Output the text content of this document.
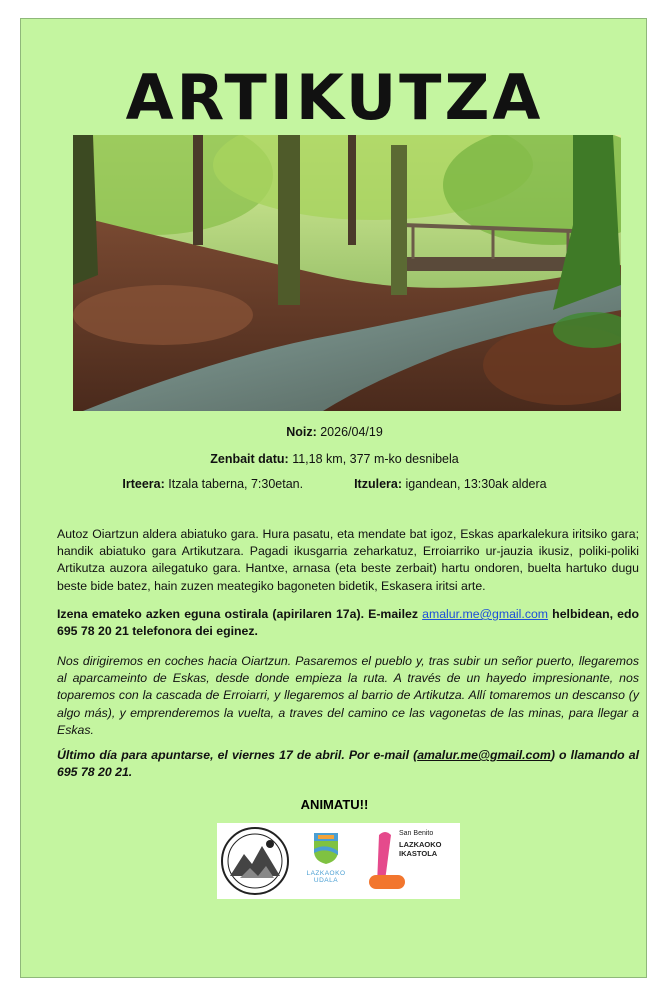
ARTIKUTZA
Noiz: 2026/04/19
Zenbait datu: 11,18 km, 377 m-ko desnibela
Irteera: Itzala taberna, 7:30etan.	Itzulera: igandean, 13:30ak aldera
Autoz Oiartzun aldera abiatuko gara. Hura pasatu, eta mendate bat igoz, Eskas aparkalekura iritsiko gara; handik abiatuko gara Artikutzara. Pagadi ikusgarria zeharkatuz, Erroiarriko ur-jauzia ikusiz, poliki-poliki Artikutza auzora ailegatuko gara. Hantxe, arnasa (eta beste zerbait) hartu ondoren, buelta hartuko dugu beste bide batez, hain zuzen meategiko bagoneten bidetik, Eskasera iritsi arte.
Izena emateko azken eguna ostirala (apirilaren 17a). E-mailez amalur.me@gmail.com helbidean, edo 695 78 20 21 telefonora dei eginez.
Nos dirigiremos en coches hacia Oiartzun. Pasaremos el pueblo y, tras subir un señor puerto, llegaremos al aparcameinto de Eskas, desde donde empieza la ruta. A través de un hayedo impresionante, nos toparemos con la cascada de Erroiarri, y llegaremos al barrio de Artikutza. Allí tomaremos un descanso (y algo más), y emprenderemos la vuelta, a traves del camino ce las vagonetas de las minas, para llegar a Eskas.
Último día para apuntarse, el viernes 17 de abril. Por e-mail (amalur.me@gmail.com) o llamando al 695 78 20 21.
ANIMATU!!
LAZKAOKO
UDALA
San Benito
LAZKAOKO
IKASTOLA
